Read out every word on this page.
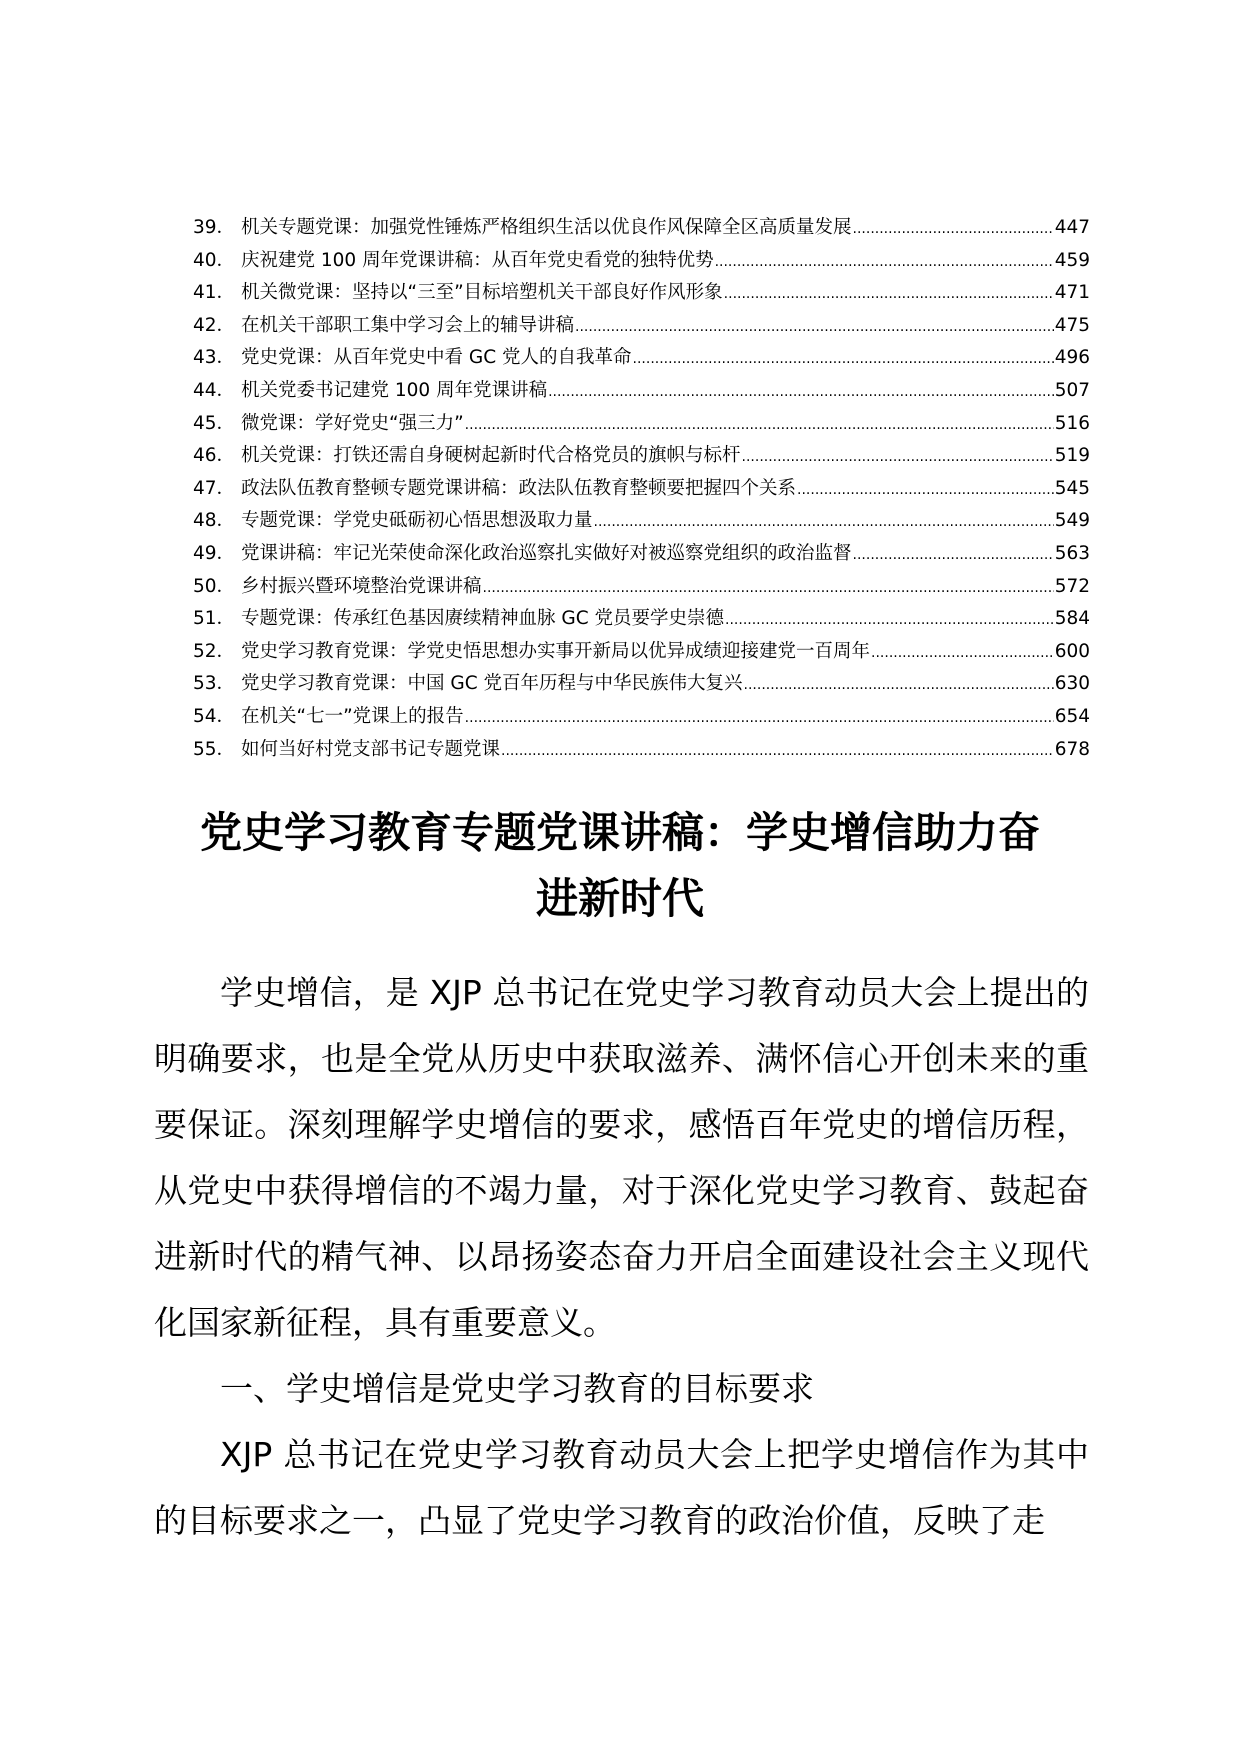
39． 机关专题党课：加强党性锤炼严格组织生活以优良作风保障全区高质量发展 .....	447
40． 庆祝建党 100 周年党课讲稿：从百年党史看党的独特优势 .....	459
41． 机关微党课：坚持以“三至”目标培塑机关干部良好作风形象 .....	471
42． 在机关干部职工集中学习会上的辅导讲稿 .....	475
43． 党史党课：从百年党史中看 GC 党人的自我革命 .....	496
44． 机关党委书记建党 100 周年党课讲稿 .....	507
45． 微党课：学好党史“强三力” .....	516
46． 机关党课：打铁还需自身硬树起新时代合格党员的旗帜与标杆 .....	519
47． 政法队伍教育整顿专题党课讲稿：政法队伍教育整顿要把握四个关系 .....	545
48． 专题党课：学党史砥砺初心悟思想汲取力量 .....	549
49． 党课讲稿：牢记光荣使命深化政治巡察扎实做好对被巡察党组织的政治监督 .....	563
50． 乡村振兴暨环境整治党课讲稿 .....	572
51． 专题党课：传承红色基因赓续精神血脉 GC 党员要学史崇德 .....	584
52． 党史学习教育党课：学党史悟思想办实事开新局以优异成绩迎接建党一百周年 .....	600
53． 党史学习教育党课：中国 GC 党百年历程与中华民族伟大复兴 .....	630
54． 在机关“七一”党课上的报告 .....	654
55． 如何当好村党支部书记专题党课 .....	678
党史学习教育专题党课讲稿：学史增信助力奋
进新时代

学史增信，是 XJP 总书记在党史学习教育动员大会上提出的明确要求，也是全党从历史中获取滋养、满怀信心开创未来的重要保证。深刻理解学史增信的要求，感悟百年党史的增信历程，从党史中获得增信的不竭力量，对于深化党史学习教育、鼓起奋进新时代的精气神、以昂扬姿态奋力开启全面建设社会主义现代化国家新征程，具有重要意义。

一、学史增信是党史学习教育的目标要求

XJP 总书记在党史学习教育动员大会上把学史增信作为其中的目标要求之一，凸显了党史学习教育的政治价值，反映了走
